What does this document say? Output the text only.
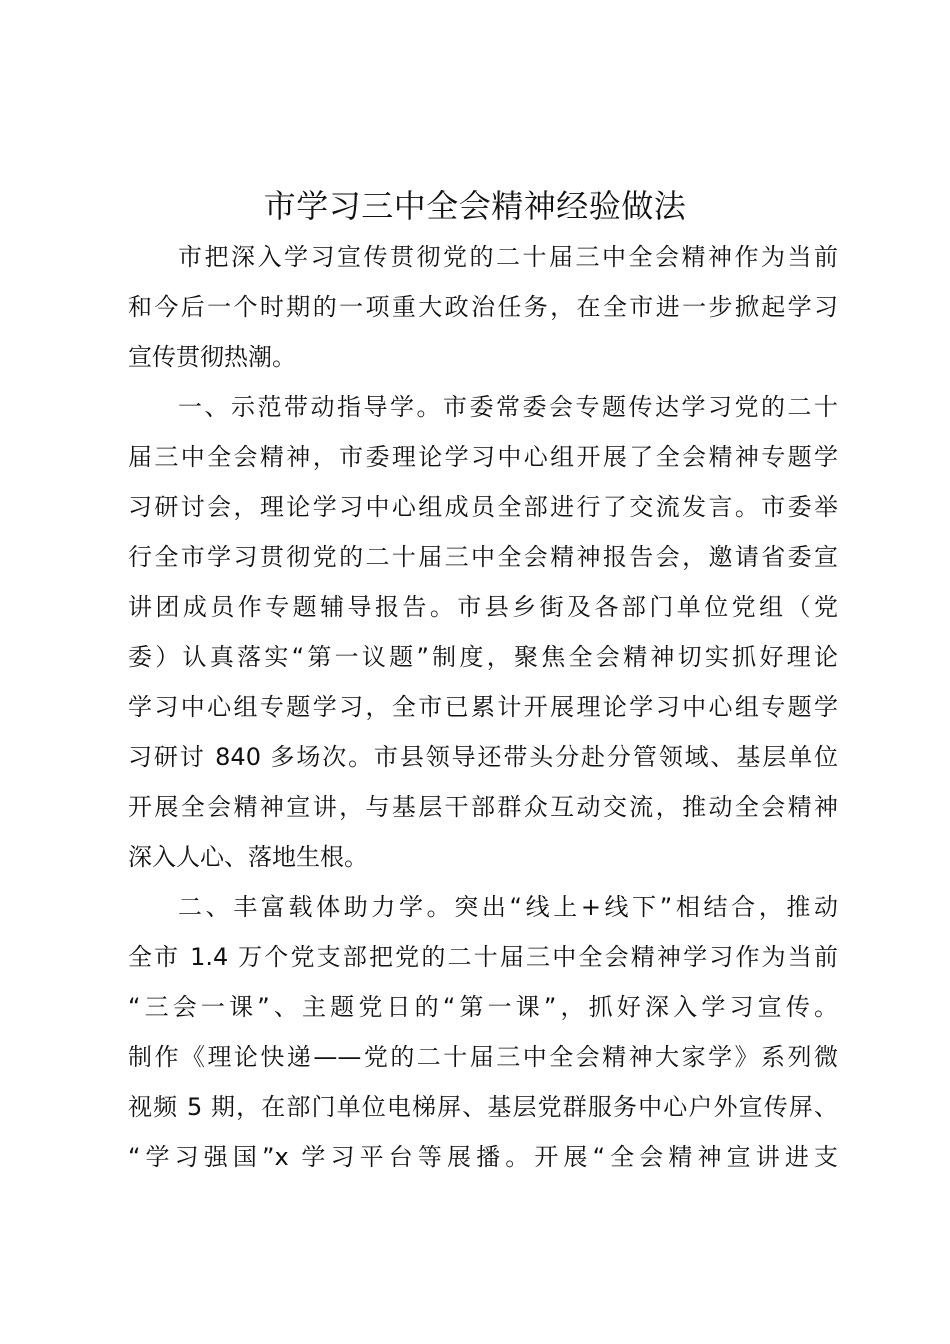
市学习三中全会精神经验做法
市把深入学习宣传贯彻党的二十届三中全会精神作为当前
和今后一个时期的一项重大政治任务，在全市进一步掀起学习
宣传贯彻热潮。
一、示范带动指导学。市委常委会专题传达学习党的二十
届三中全会精神，市委理论学习中心组开展了全会精神专题学
习研讨会，理论学习中心组成员全部进行了交流发言。市委举
行全市学习贯彻党的二十届三中全会精神报告会，邀请省委宣
讲团成员作专题辅导报告。市县乡街及各部门单位党组（党
委）认真落实“第一议题”制度，聚焦全会精神切实抓好理论
学习中心组专题学习，全市已累计开展理论学习中心组专题学
习研讨 840 多场次。市县领导还带头分赴分管领域、基层单位
开展全会精神宣讲，与基层干部群众互动交流，推动全会精神
深入人心、落地生根。
二、丰富载体助力学。突出“线上+线下”相结合，推动
全市 1.4 万个党支部把党的二十届三中全会精神学习作为当前
“三会一课”、主题党日的“第一课”，抓好深入学习宣传。
制作《理论快递——党的二十届三中全会精神大家学》系列微
视频 5 期，在部门单位电梯屏、基层党群服务中心户外宣传屏、
“学习强国”x 学习平台等展播。开展“全会精神宣讲进支
